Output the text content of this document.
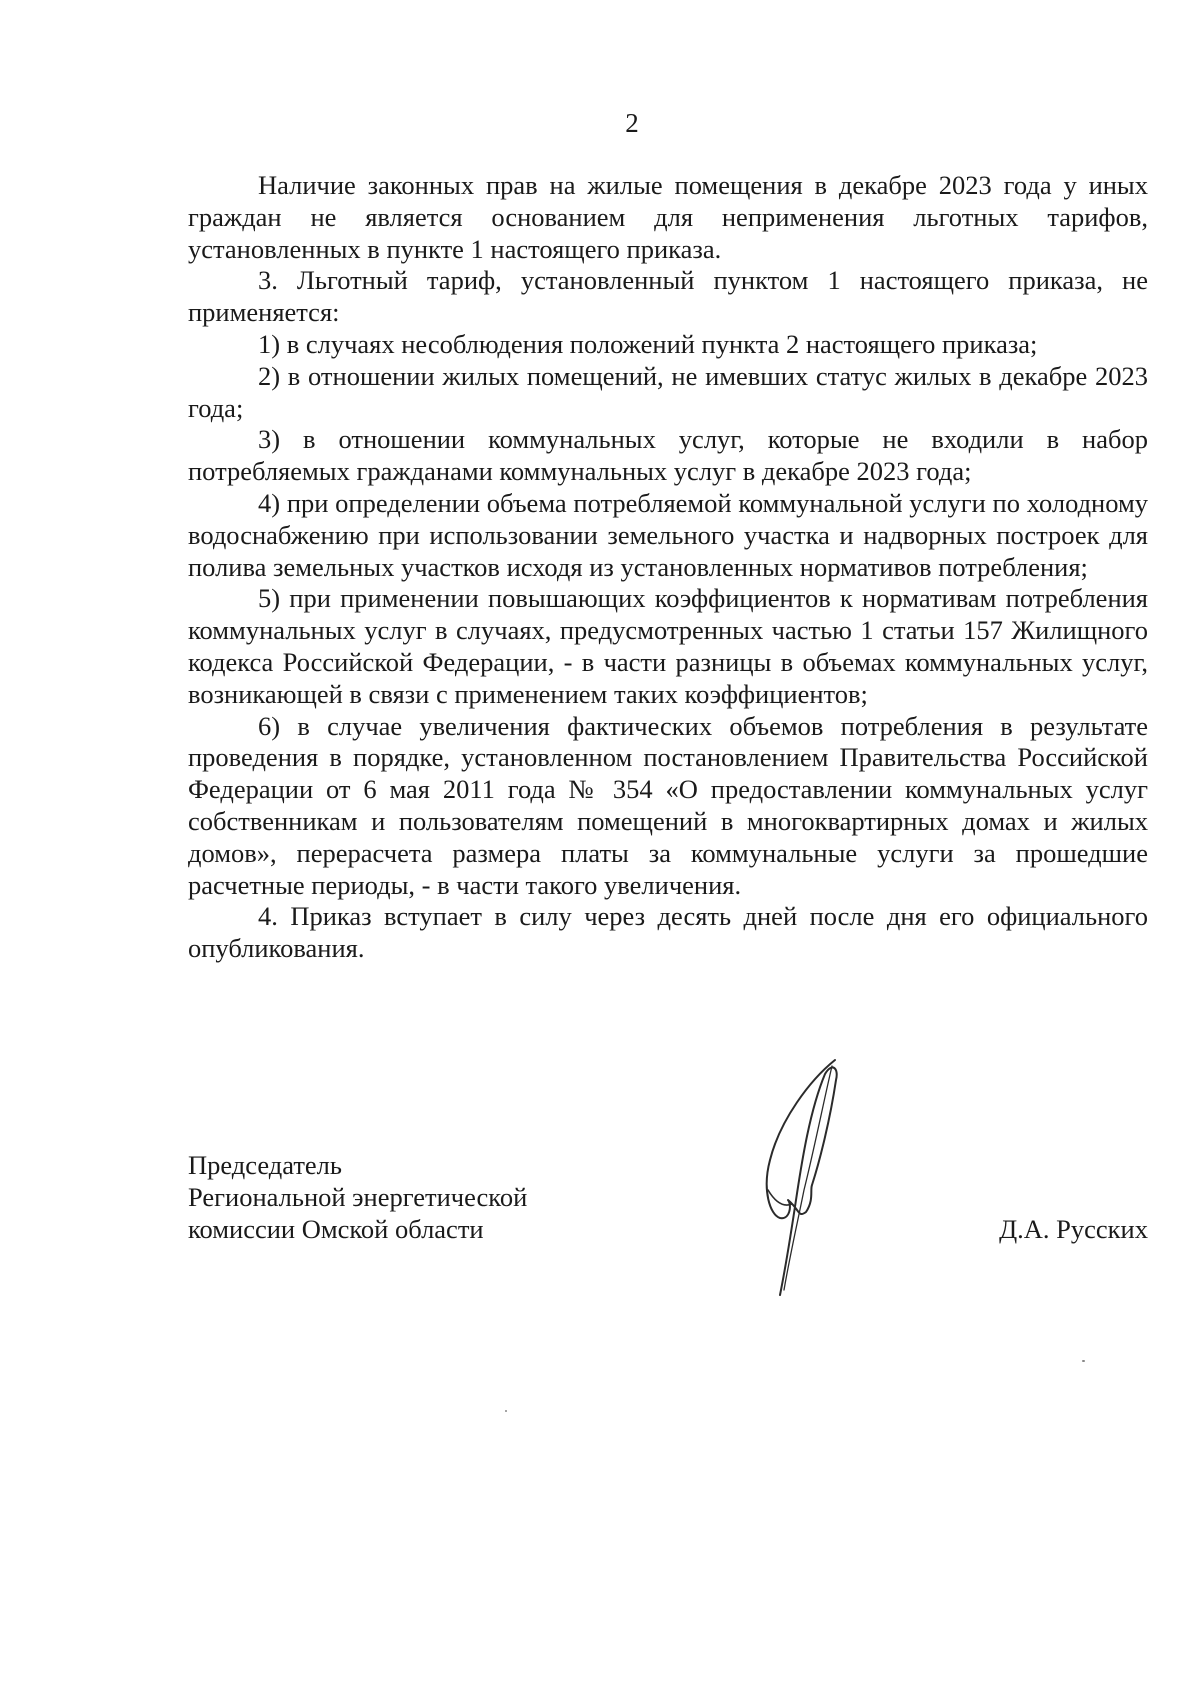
2

Наличие законных прав на жилые помещения в декабре 2023 года у иных граждан не является основанием для неприменения льготных тарифов, установленных в пункте 1 настоящего приказа.

3. Льготный тариф, установленный пунктом 1 настоящего приказа, не применяется:

1) в случаях несоблюдения положений пункта 2 настоящего приказа;

2) в отношении жилых помещений, не имевших статус жилых в декабре 2023 года;

3) в отношении коммунальных услуг, которые не входили в набор потребляемых гражданами коммунальных услуг в декабре 2023 года;

4) при определении объема потребляемой коммунальной услуги по холодному водоснабжению при использовании земельного участка и надворных построек для полива земельных участков исходя из установленных нормативов потребления;

5) при применении повышающих коэффициентов к нормативам потребления коммунальных услуг в случаях, предусмотренных частью 1 статьи 157 Жилищного кодекса Российской Федерации, - в части разницы в объемах коммунальных услуг, возникающей в связи с применением таких коэффициентов;

6) в случае увеличения фактических объемов потребления в результате проведения в порядке, установленном постановлением Правительства Российской Федерации от 6 мая 2011 года № 354 «О предоставлении коммунальных услуг собственникам и пользователям помещений в многоквартирных домах и жилых домов», перерасчета размера платы за коммунальные услуги за прошедшие расчетные периоды, - в части такого увеличения.

4. Приказ вступает в силу через десять дней после дня его официального опубликования.

Председатель
Региональной энергетической
комиссии Омской области	Д.А. Русских
